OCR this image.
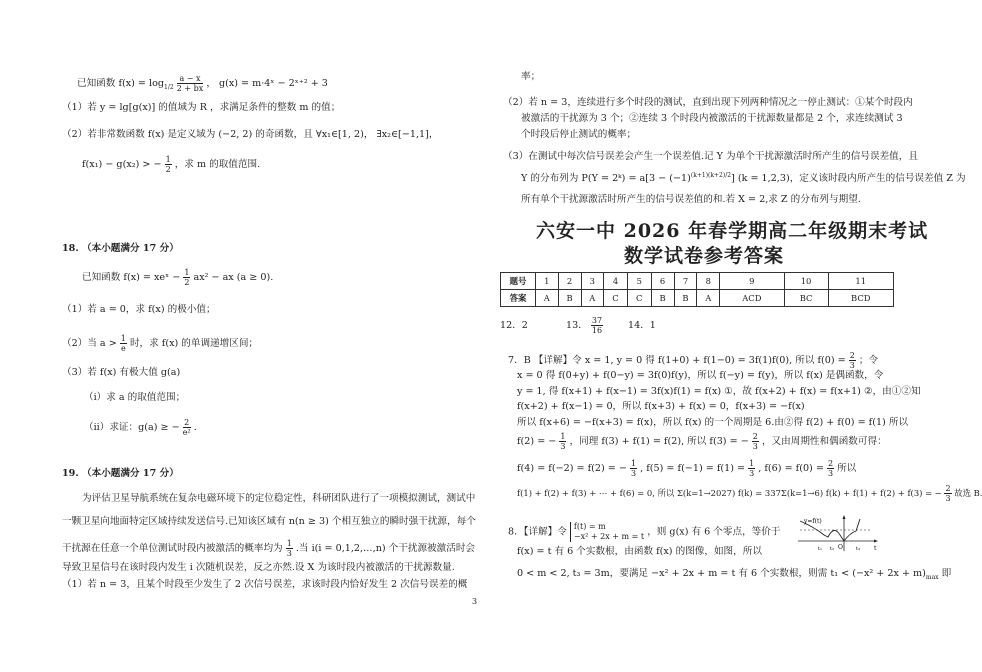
已知函数 $f(x) = \log_{1/2} \frac{a - x}{2 + bx}$ ， g(x) = m·4ˣ − 2ˣ⁺² + 3
（1）若 y = lg[g(x)] 的值域为 R ，求满足条件的整数 m 的值；
（2）若非常数函数 f(x) 是定义域为 (−2, 2) 的奇函数，且 ∀x₁∈[1, 2)， ∃x₂∈[−1,1]，
f(x₁) − g(x₂) > − $\frac{1}{2}$ ，求 m 的取值范围.
18. （本小题满分 17 分）
已知函数 f(x) = xeˣ − $\frac{1}{2} ax^2$ − ax (a ≥ 0).
（1）若 a = 0，求 f(x) 的极小值；
（2）当 $a > \frac{1}{e}$ 时，求 f(x) 的单调递增区间；
（3）若 f(x) 有极大值 g(a)
（i）求 a 的取值范围；
（ii）求证：g(a) ≥ − $\frac{2}{\text{e²}}$ .
19. （本小题满分 17 分）
为评估卫星导航系统在复杂电磁环境下的定位稳定性，科研团队进行了一项模拟测试，测试中
一颗卫星向地面特定区域持续发送信号.已知该区域有 n(n ≥ 3) 个相互独立的瞬时强干扰源，每个
干扰源在任意一个单位测试时段内被激活的概率均为 $\frac{1}{3}$ .当 i(i = 0,1,2,…,n) 个干扰源被激活时会
导致卫星信号在该时段内发生 i 次随机误差，反之亦然.设 X 为该时段内被激活的干扰源数量.
（1）若 n = 3，且某个时段至少发生了 2 次信号误差，求该时段内恰好发生 2 次信号误差的概
3
率；
（2）若 n = 3，连续进行多个时段的测试，直到出现下列两种情况之一停止测试：①某个时段内
被激活的干扰源为 3 个；②连续 3 个时段内被激活的干扰源数量都是 2 个，求连续测试 3
个时段后停止测试的概率；
（3）在测试中每次信号误差会产生一个误差值.记 Y 为单个干扰源激活时所产生的信号误差值，且
Y 的分布列为 P(Y = 2ᵏ) = $a[3 - (-1)^{(k+1)(k+2)/2}]$ (k = 1,2,3)，定义该时段内所产生的信号误差值 Z 为
所有单个干扰源激活时所产生的信号误差值的和.若 X = 2,求 Z 的分布列与期望.
六安一中 2026 年春学期高二年级期末考试
数学试卷参考答案
题号	1	2	3	4	5	6	7	8	9	10	11
答案	A	B	A	C	C	B	B	A	ACD	BC	BCD
12．2	13． $\frac{37}{16}$	14．1
7．B 【详解】令 x = 1, y = 0 得 f(1+0) + f(1−0) = 3f(1)f(0), 所以 $f(0) = \frac{2}{3}$ ；令
x = 0 得 f(0+y) + f(0−y) = 3f(0)f(y)，所以 f(−y) = f(y)，所以 f(x) 是偶函数，令
y = 1, 得 f(x+1) + f(x−1) = 3f(x)f(1) = f(x) ①，故 f(x+2) + f(x) = f(x+1) ②，由①②知
f(x+2) + f(x−1) = 0，所以 f(x+3) + f(x) = 0，f(x+3) = −f(x)
所以 f(x+6) = −f(x+3) = f(x)，所以 f(x) 的一个周期是 6.由②得 f(2) + f(0) = f(1) 所以
f(2) = − $\frac{1}{3}$ ，同理 f(3) + f(1) = f(2), 所以 f(3) = − $\frac{2}{3}$ ，又由周期性和偶函数可得：
f(4) = f(−2) = f(2) = − $\frac{1}{3}$ , $f(5) = f(-1) = f(1) = \frac{1}{3}$ , $f(6) = f(0) = \frac{2}{3}$ 所以
f(1) + f(2) + f(3) + ⋯ + f(6) = 0, 所以 Σ(k=1→2027) f(k) = 337Σ(k=1→6) f(k) + f(1) + f(2) + f(3) = − $\frac{2}{3}$ 故选 B.
8．【详解】令 f(t) = m
−x² + 2x + m = t ，则 g(x) 有 6 个零点，等价于
f(x) = t 有 6 个实数根，由函数 f(x) 的图像，如图，所以
0 < m < 2, t₃ = 3m，要满足 −x² + 2x + m = t 有 6 个实数根，则需 $t_1 < (-x^2 + 2x + m)_{max}$ 即
y=f(t)
O	t
t₁ t₂	t₃
